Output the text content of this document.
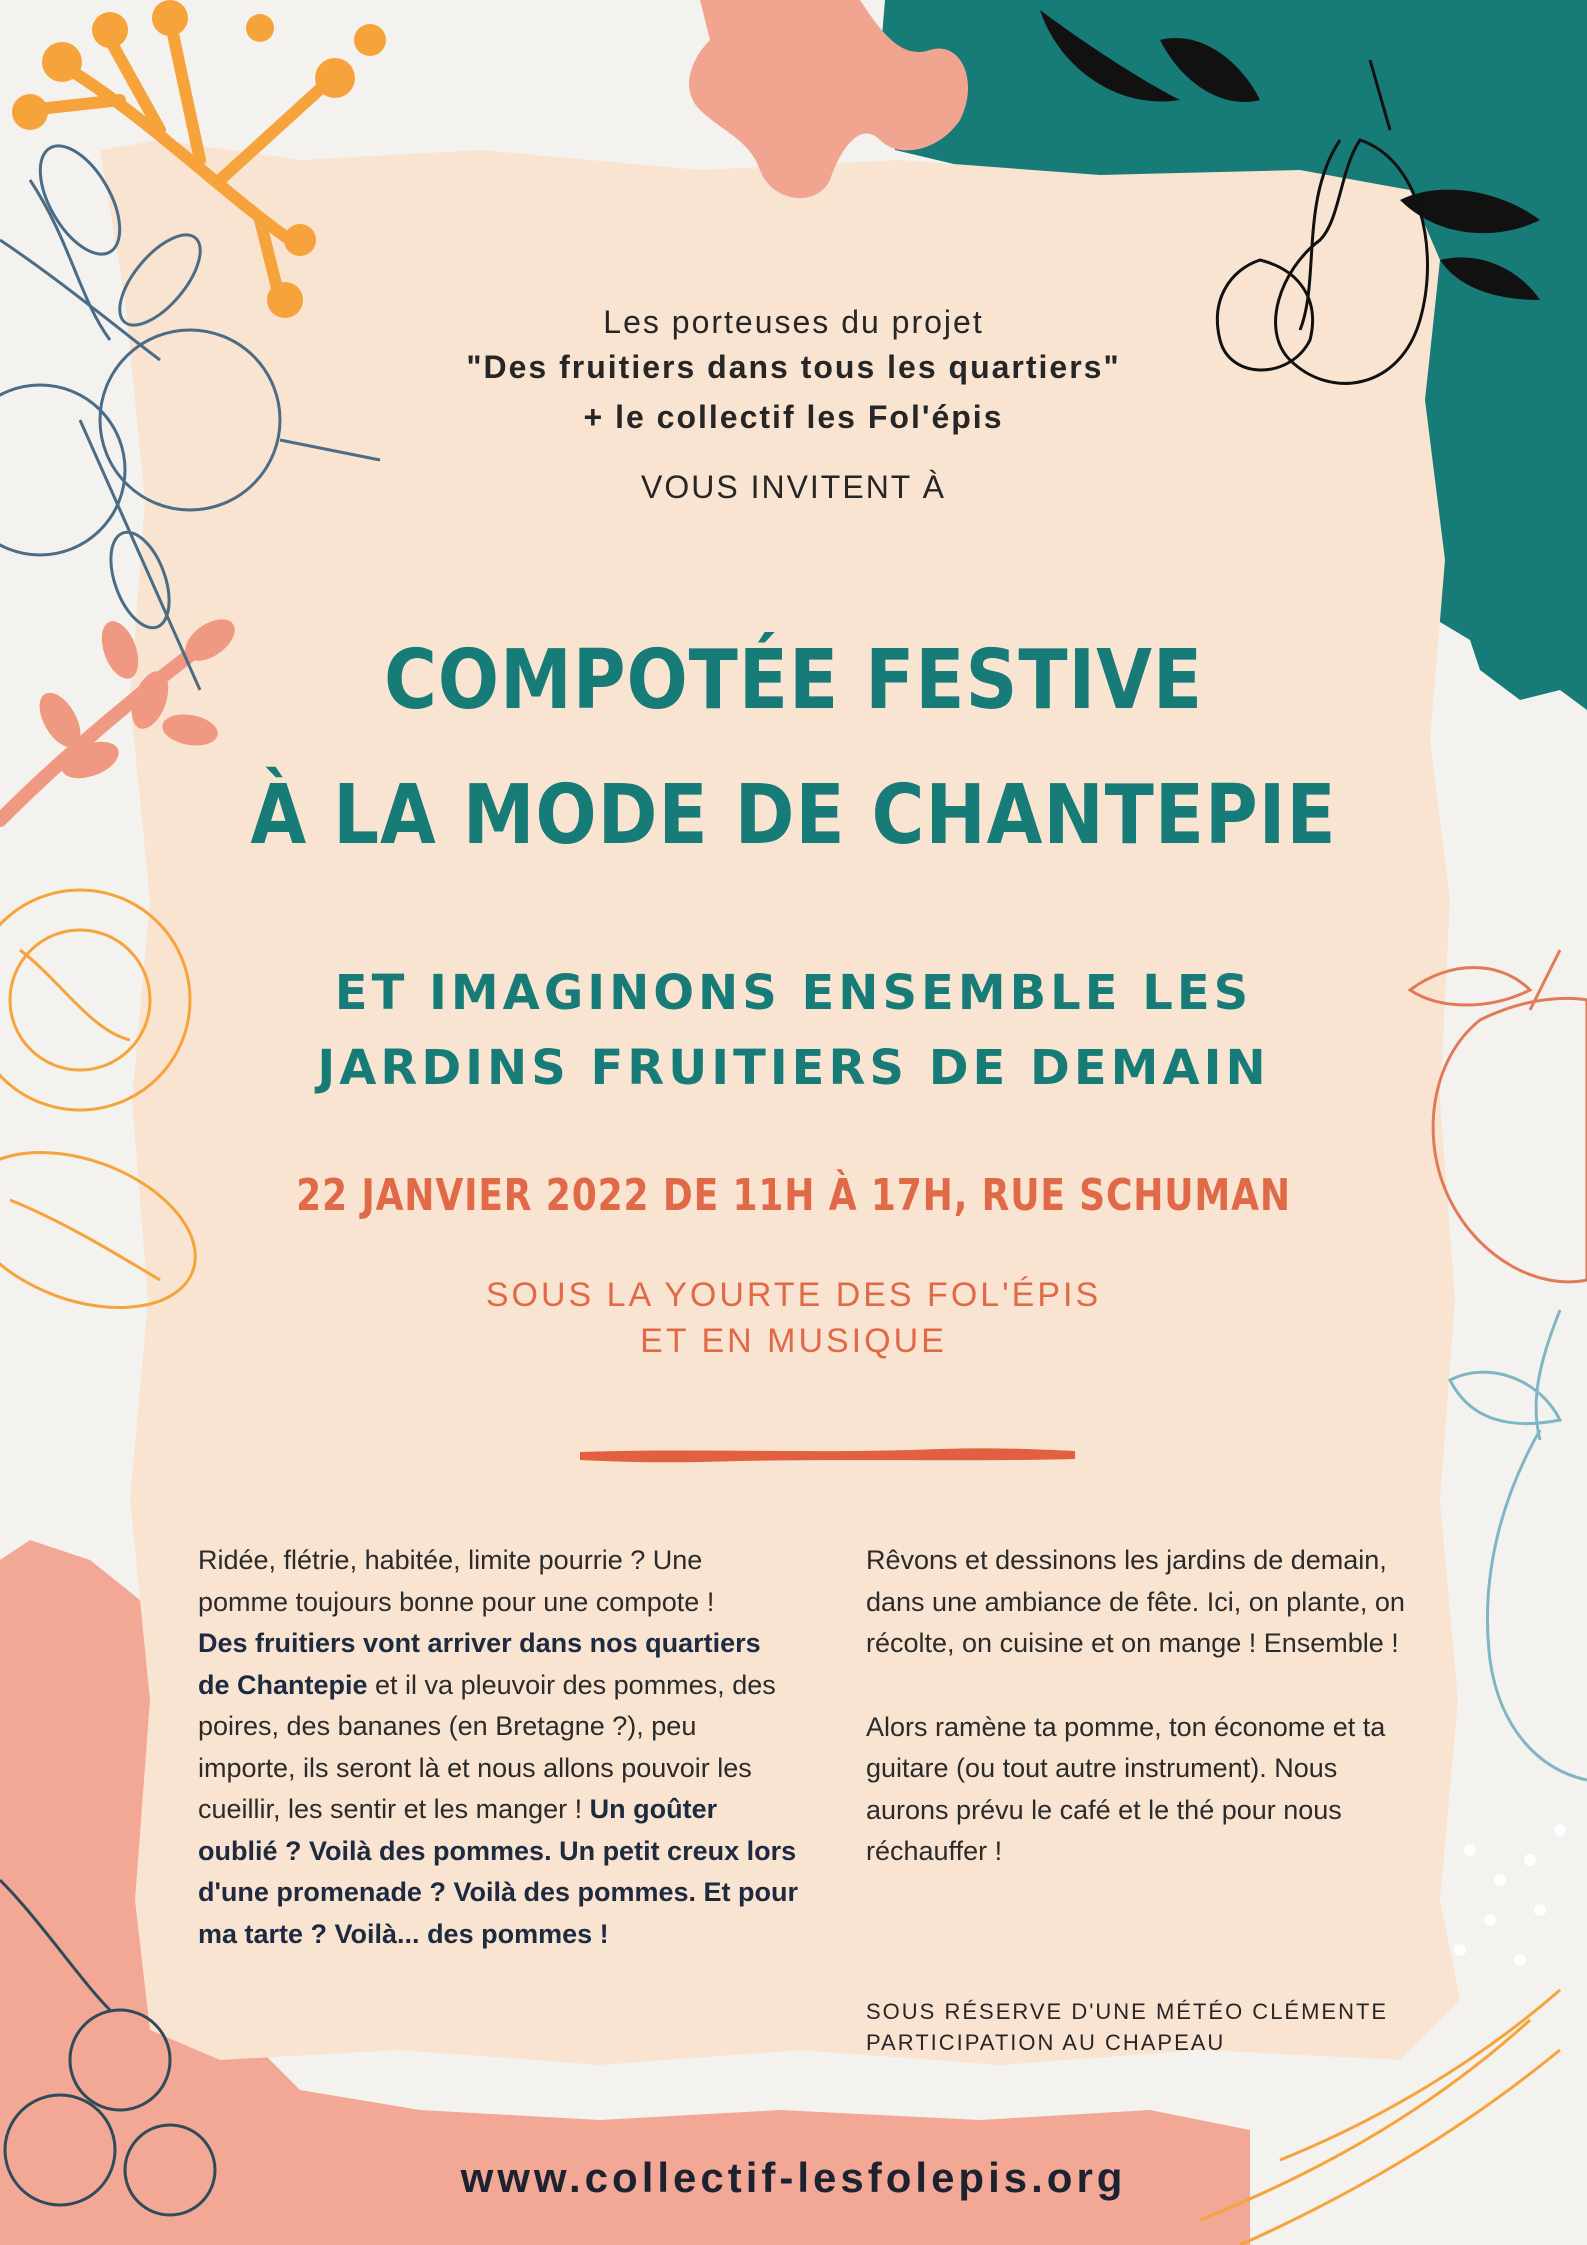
Les porteuses du projet

"Des fruitiers dans tous les quartiers"

+ le collectif les Fol'épis

VOUS INVITENT À

COMPOTÉE FESTIVE

À LA MODE DE CHANTEPIE

ET IMAGINONS ENSEMBLE LES

JARDINS FRUITIERS DE DEMAIN

22 JANVIER 2022 DE 11H À 17H, RUE SCHUMAN

SOUS LA YOURTE DES FOL'ÉPIS

ET EN MUSIQUE

Ridée, flétrie, habitée, limite pourrie ? Une pomme toujours bonne pour une compote !

Des fruitiers vont arriver dans nos quartiers de Chantepie et il va pleuvoir des pommes, des poires, des bananes (en Bretagne ?), peu importe, ils seront là et nous allons pouvoir les cueillir, les sentir et les manger ! Un goûter oublié ? Voilà des pommes. Un petit creux lors d'une promenade ? Voilà des pommes. Et pour ma tarte ? Voilà... des pommes !

Rêvons et dessinons les jardins de demain, dans une ambiance de fête. Ici, on plante, on récolte, on cuisine et on mange ! Ensemble !

Alors ramène ta pomme, ton économe et ta guitare (ou tout autre instrument). Nous aurons prévu le café et le thé pour nous réchauffer !

SOUS RÉSERVE D'UNE MÉTÉO CLÉMENTE

PARTICIPATION AU CHAPEAU

www.collectif-lesfolepis.org
